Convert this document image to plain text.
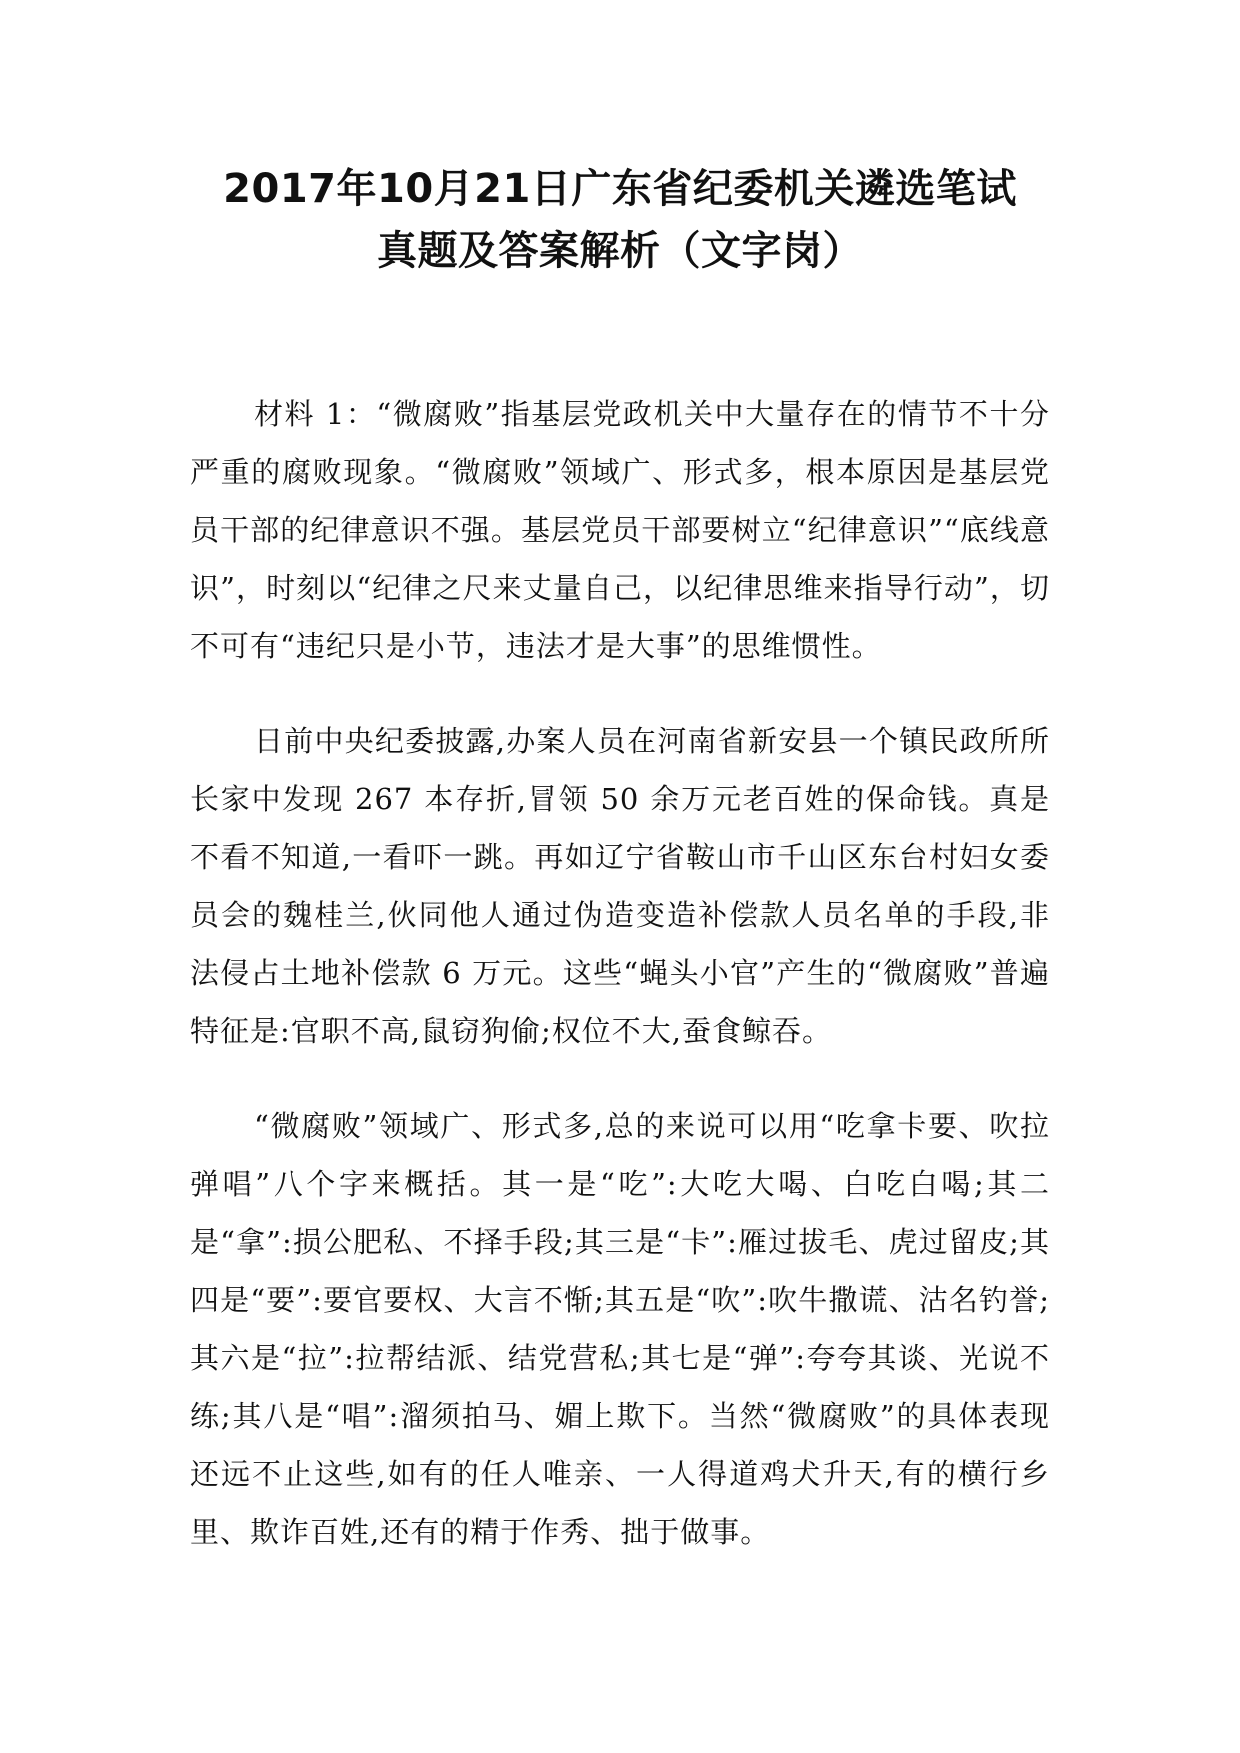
2017年10月21日广东省纪委机关遴选笔试
真题及答案解析（文字岗）

材料 1：“微腐败”指基层党政机关中大量存在的情节不十分严重的腐败现象。“微腐败”领域广、形式多，根本原因是基层党员干部的纪律意识不强。基层党员干部要树立“纪律意识”“底线意识”，时刻以“纪律之尺来丈量自己，以纪律思维来指导行动”，切不可有“违纪只是小节，违法才是大事”的思维惯性。

日前中央纪委披露,办案人员在河南省新安县一个镇民政所所长家中发现 267 本存折,冒领 50 余万元老百姓的保命钱。真是不看不知道,一看吓一跳。再如辽宁省鞍山市千山区东台村妇女委员会的魏桂兰,伙同他人通过伪造变造补偿款人员名单的手段,非法侵占土地补偿款 6 万元。这些“蝇头小官”产生的“微腐败”普遍特征是:官职不高,鼠窃狗偷;权位不大,蚕食鲸吞。

“微腐败”领域广、形式多,总的来说可以用“吃拿卡要、吹拉弹唱”八个字来概括。其一是“吃”:大吃大喝、白吃白喝;其二是“拿”:损公肥私、不择手段;其三是“卡”:雁过拔毛、虎过留皮;其四是“要”:要官要权、大言不惭;其五是“吹”:吹牛撒谎、沽名钓誉;其六是“拉”:拉帮结派、结党营私;其七是“弹”:夸夸其谈、光说不练;其八是“唱”:溜须拍马、媚上欺下。当然“微腐败”的具体表现还远不止这些,如有的任人唯亲、一人得道鸡犬升天,有的横行乡里、欺诈百姓,还有的精于作秀、拙于做事。
